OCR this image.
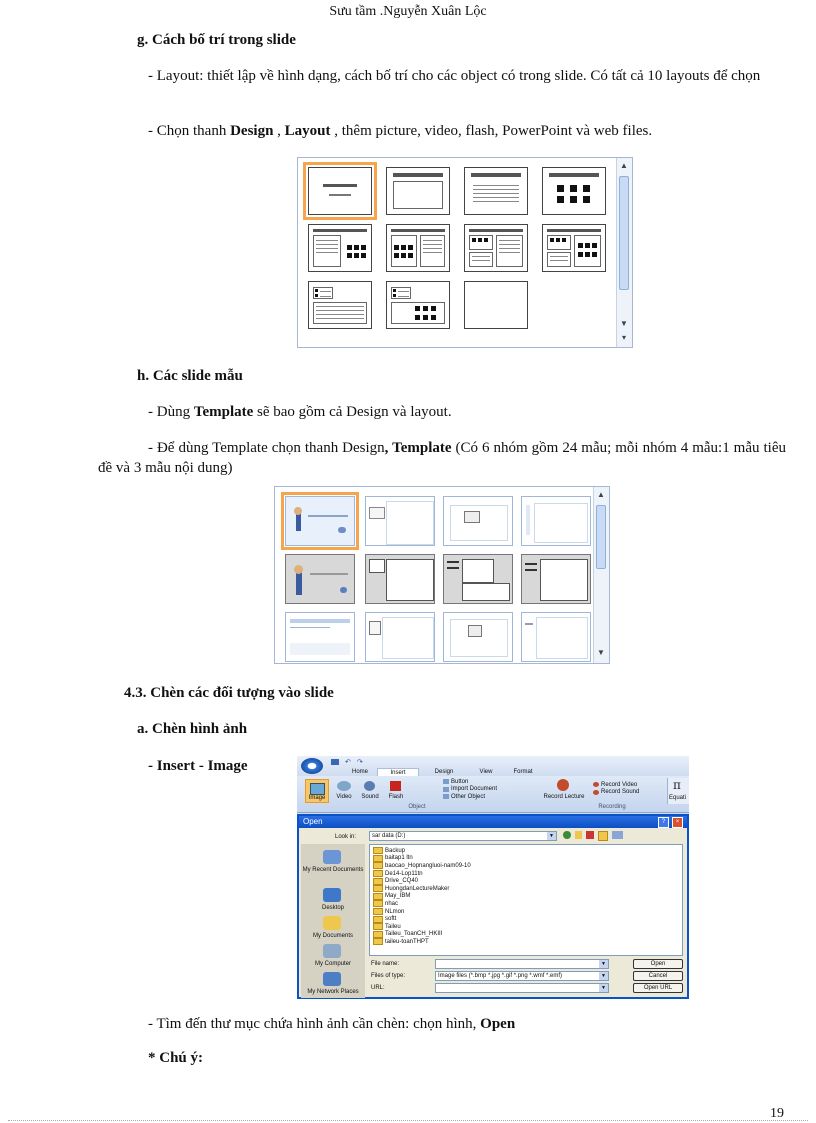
Sưu tầm .Nguyễn Xuân Lộc
g. Cách bố trí trong slide
- Layout: thiết lập về hình dạng, cách bố trí cho các object có trong slide. Có tất cả 10 layouts để chọn
- Chọn thanh Design , Layout , thêm picture, video, flash, PowerPoint và web files.
▲
▼
▾
h. Các slide mẫu
- Dùng Template sẽ bao gồm cả Design và layout.
- Để dùng Template chọn thanh Design, Template (Có 6 nhóm gồm 24 mẫu; mỗi nhóm 4 mẫu:1 mẫu tiêu đề và 3 mẫu nội dung)
▲
▼
4.3. Chèn các đối tượng vào slide
a. Chèn hình ảnh
- Insert - Image	↶ ↷
Home	Insert	Design	View	Format
Image	Video	Sound	Flash
Button
Import Document
Other Object
Object
Record Lecture
Record Video
Record Sound
Recording
π
Equati
Open	?	×
Look in:	sar data (D:)	▼
My Recent Documents
Desktop
My Documents
My Computer
My Network Places
Backup
baitap1 ltn
baocao_Hopnangluoi-nam09-10
De14-Lop11tn
Drive_CQ40
HuongdanLectureMaker
May_IBM
nhac
NLmon
softt
Taileu
Taileu_ToanCH_HKIII
taileu-toanTHPT
File name:	▼
Files of type:	Image files (*.bmp *.jpg *.gif *.png *.wmf *.emf)	▼
URL:	▼
Open
Cancel
Open URL
- Tìm đến thư mục chứa hình ảnh cần chèn: chọn hình, Open
* Chú ý:
19
